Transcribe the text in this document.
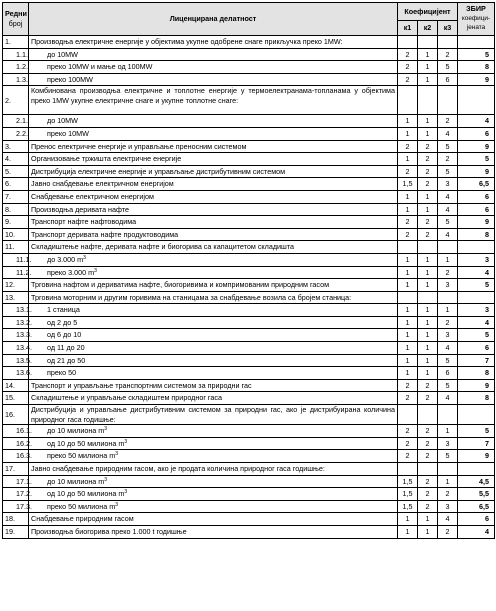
Редни
број	Лиценцирана делатност	Коефицијент			ЗБИР
коефици-
јената
		к1	к2	к3	
1.	Производња електричне енергије у објектима укупне одобрене снаге прикључка преко 1MW:				
1.1.	до 10MW	2	1	2	5
1.2.	преко 10MW и мање од 100MW	2	1	5	8
1.3.	преко 100MW	2	1	6	9
2.	Комбинована производња електричне и топлотне енергије у термоелектранама-топланама у објектима преко 1MW укупне електричне снаге и укупне топлотне снаге:				
2.1.	до 10MW	1	1	2	4
2.2.	преко 10MW	1	1	4	6
3.	Пренос електричне енергије и управљање преносним системом	2	2	5	9
4.	Организовање тржишта електричне енергије	1	2	2	5
5.	Дистрибуција електричне енергије и управљање дистрибутивним системом	2	2	5	9
6.	Јавно снабдевање електричном енергијом	1,5	2	3	6,5
7.	Снабдевање електричном енергијом	1	1	4	6
8.	Производња деривата нафте	1	1	4	6
9.	Транспорт нафте нафтоводима	2	2	5	9
10.	Транспорт деривата нафте продуктоводима	2	2	4	8
11.	Складиштење нафте, деривата нафте и биогорива са капацитетом складишта				
11.1.	до 3.000 $m^3$	1	1	1	3
11.2.	преко 3.000 $m^3$	1	1	2	4
12.	Трговина нафтом и дериватима нафте, биогоривима и компримованим природним гасом	1	1	3	5
13.	Трговина моторним и другим горивима на станицама за снабдевање возила са бројем станица:				
13.1.	1 станица	1	1	1	3
13.2.	од 2 до 5	1	1	2	4
13.3.	од 6 до 10	1	1	3	5
13.4.	од 11 до 20	1	1	4	6
13.5.	од 21 до 50	1	1	5	7
13.6.	преко 50	1	1	6	8
14.	Транспорт и управљање транспортним системом за природни гас	2	2	5	9
15.	Складиштење и управљање складиштем природног гаса	2	2	4	8
16.	Дистрибуција и управљање дистрибутивним системом за природни гас, ако је дистрибуирана количина природног гаса годишње:				
16.1.	до 10 милиона $m^3$	2	2	1	5
16.2.	од 10 до 50 милиона $m^3$	2	2	3	7
16.3.	преко 50 милиона $m^3$	2	2	5	9
17.	Јавно снабдевање природним гасом, ако је продата количина природног гаса годишње:				
17.1.	до 10 милиона $m^3$	1,5	2	1	4,5
17.2.	од 10 до 50 милиона $m^3$	1,5	2	2	5,5
17.3.	преко 50 милиона $m^3$	1,5	2	3	6,5
18.	Снабдевање природним гасом	1	1	4	6
19.	Производња биогорива преко 1.000 t годишње	1	1	2	4
